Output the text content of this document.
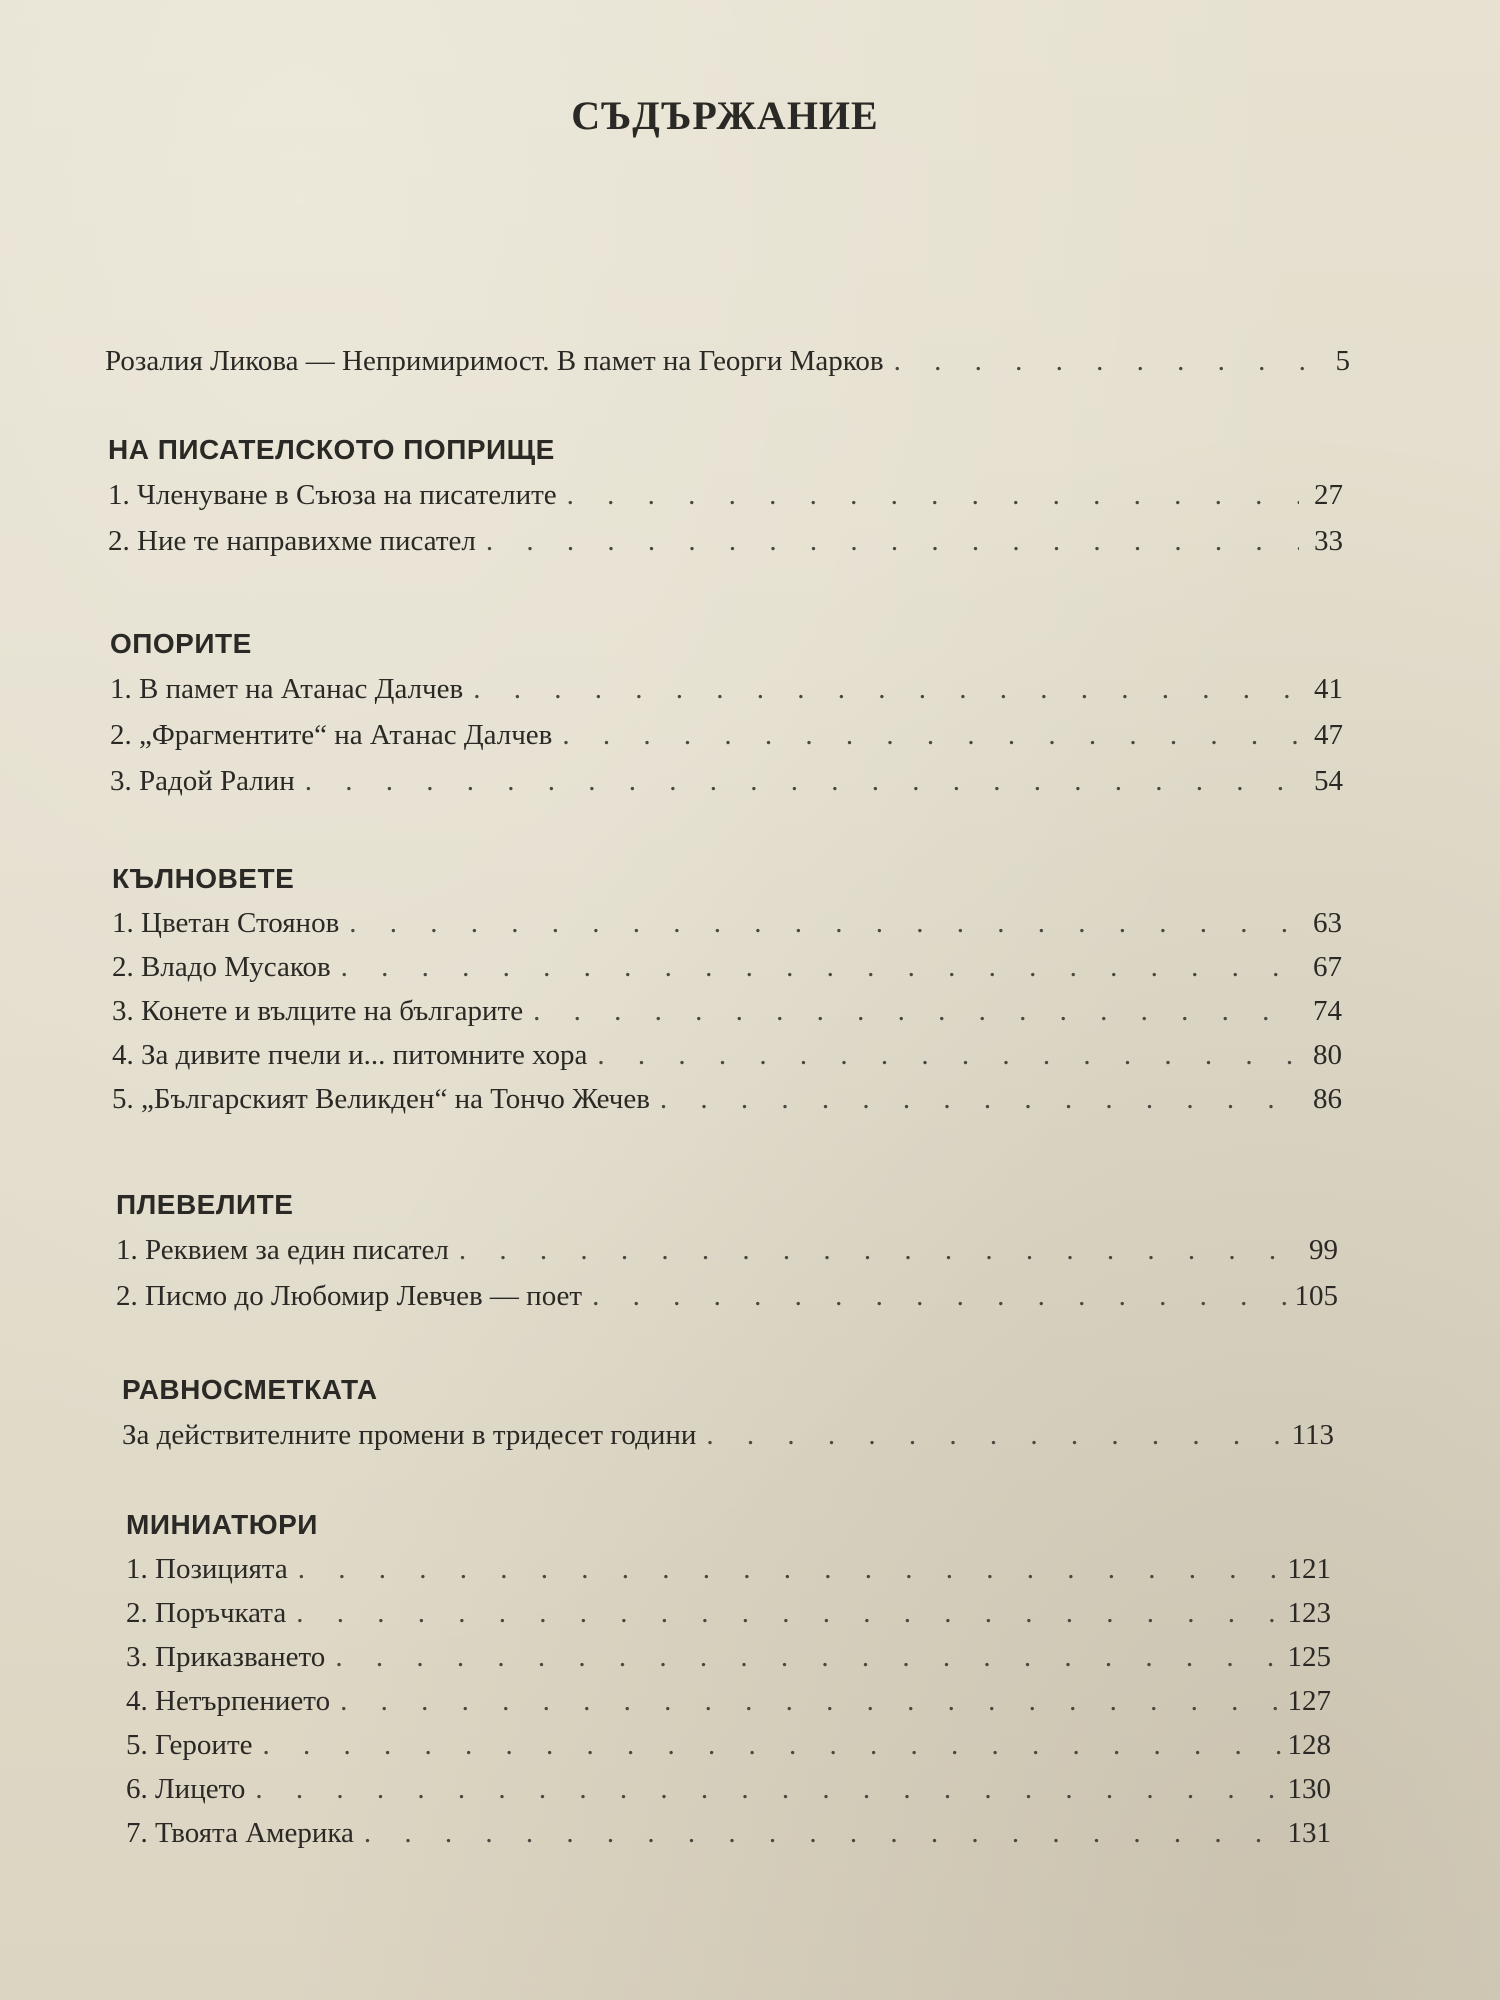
СЪДЪРЖАНИЕ
Розалия Ликова — Непримиримост. В памет на Георги Марков . . .	5
НА ПИСАТЕЛСКОТО ПОПРИЩЕ
1. Членуване в Съюза на писателите . . .	27
2. Ние те направихме писател . . .	33
ОПОРИТЕ
1. В памет на Атанас Далчев . . .	41
2. „Фрагментите“ на Атанас Далчев . . .	47
3. Радой Ралин . . .	54
КЪЛНОВЕТЕ
1. Цветан Стоянов . . .	63
2. Владо Мусаков . . .	67
3. Конете и вълците на българите . . .	74
4. За дивите пчели и... питомните хора . . .	80
5. „Българският Великден“ на Тончо Жечев . . .	86
ПЛЕВЕЛИТЕ
1. Реквием за един писател . . .	99
2. Писмо до Любомир Левчев — поет . . .	105
РАВНОСМЕТКАТА
За действителните промени в тридесет години . . .	113
МИНИАТЮРИ
1. Позицията . . .	121
2. Поръчката . . .	123
3. Приказването . . .	125
4. Нетърпението . . .	127
5. Героите . . .	128
6. Лицето . . .	130
7. Твоята Америка . . .	131
